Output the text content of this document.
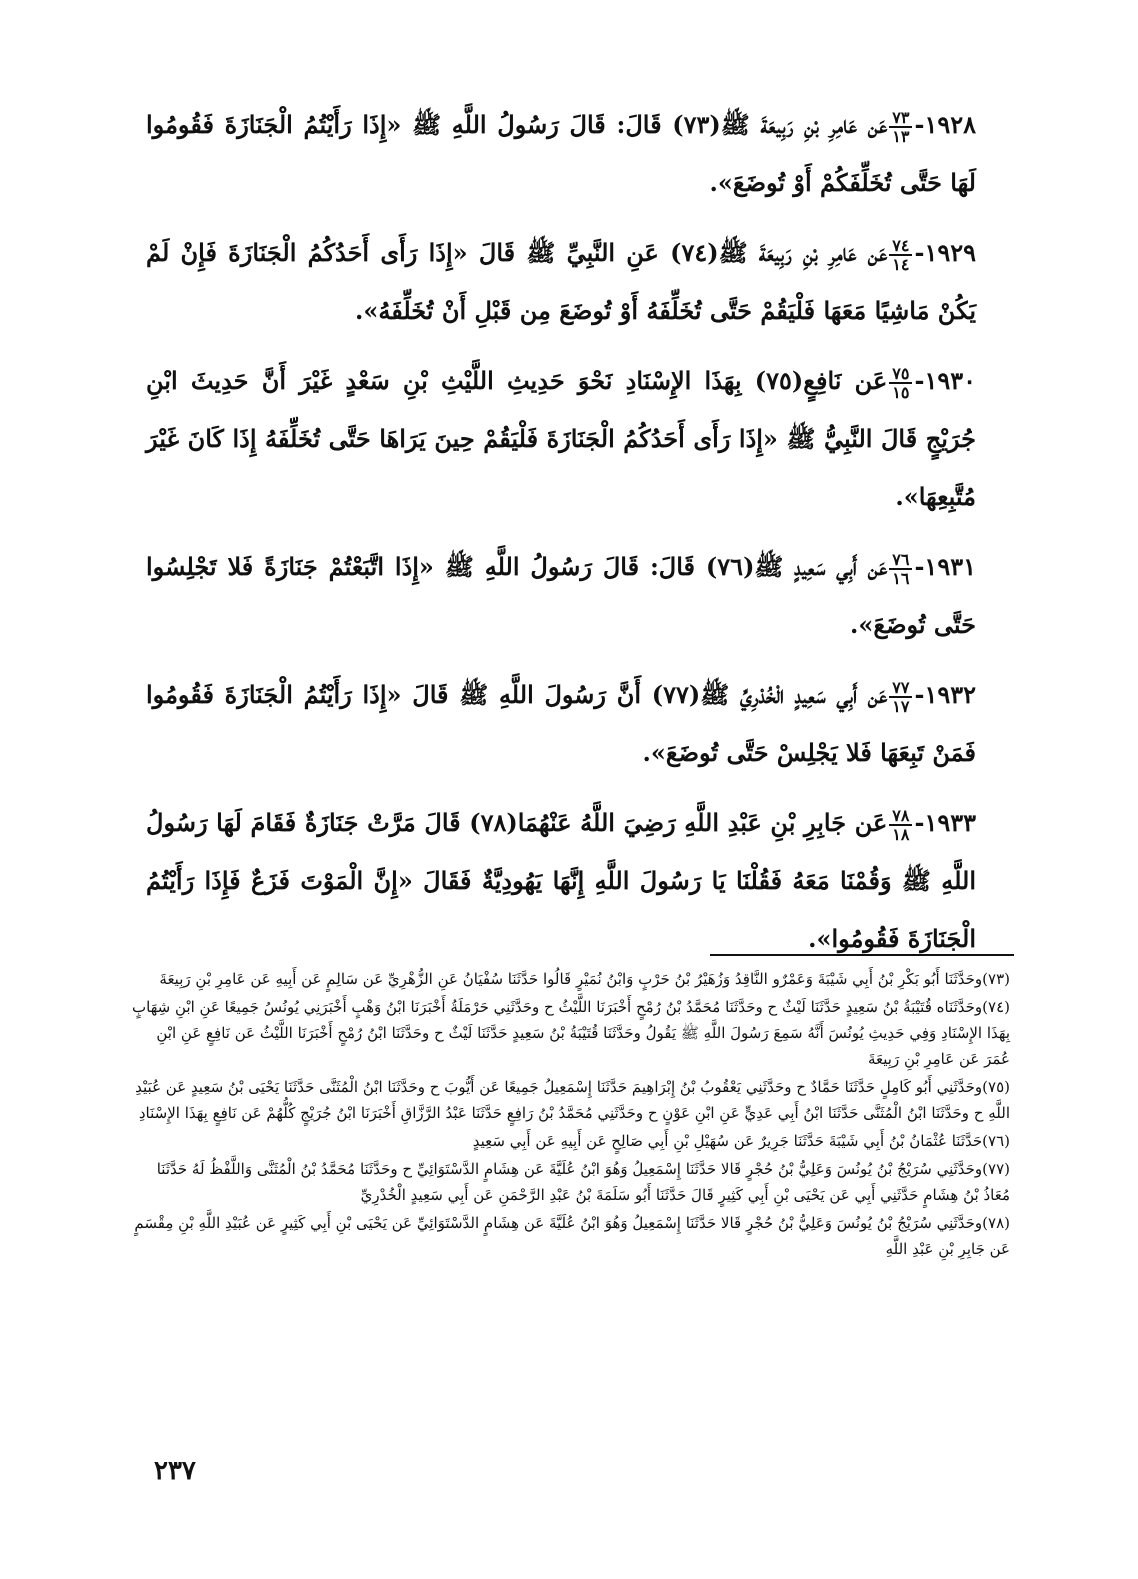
١٩٢٨-
$\frac{٧٣}{١٣}$
عَن عَامِرِ بْنِ رَبِيعَةَ ﷺ(٧٣) قَالَ: قَالَ رَسُولُ اللَّهِ ﷺ «إِذَا رَأَيْتُمُ الْجَنَازَةَ فَقُومُوا لَهَا حَتَّى تُخَلِّفَكُمْ أَوْ تُوضَعَ».

١٩٢٩-
$\frac{٧٤}{١٤}$
عَن عَامِرِ بْنِ رَبِيعَةَ ﷺ(٧٤) عَنِ النَّبِيِّ ﷺ قَالَ «إِذَا رَأَى أَحَدُكُمُ الْجَنَازَةَ فَإِنْ لَمْ يَكُنْ مَاشِيًا مَعَهَا فَلْيَقُمْ حَتَّى تُخَلِّفَهُ أَوْ تُوضَعَ مِن قَبْلِ أَنْ تُخَلِّفَهُ».

١٩٣٠-
$\frac{٧٥}{١٥}$
عَن نَافِعٍ(٧٥) بِهَذَا الإِسْنَادِ نَحْوَ حَدِيثِ اللَّيْثِ بْنِ سَعْدٍ غَيْرَ أَنَّ حَدِيثَ ابْنِ جُرَيْجٍ قَالَ النَّبِيُّ ﷺ «إِذَا رَأَى أَحَدُكُمُ الْجَنَازَةَ فَلْيَقُمْ حِينَ يَرَاهَا حَتَّى تُخَلِّفَهُ إِذَا كَانَ غَيْرَ مُتَّبِعِهَا».

١٩٣١-
$\frac{٧٦}{١٦}$
عَن أَبِي سَعِيدٍ ﷺ(٧٦) قَالَ: قَالَ رَسُولُ اللَّهِ ﷺ «إِذَا اتَّبَعْتُمْ جَنَازَةً فَلا تَجْلِسُوا حَتَّى تُوضَعَ».

١٩٣٢-
$\frac{٧٧}{١٧}$
عَن أَبِي سَعِيدٍ الْخُدْرِيِّ ﷺ(٧٧) أَنَّ رَسُولَ اللَّهِ ﷺ قَالَ «إِذَا رَأَيْتُمُ الْجَنَازَةَ فَقُومُوا فَمَنْ تَبِعَهَا فَلا يَجْلِسْ حَتَّى تُوضَعَ».

١٩٣٣-
$\frac{٧٨}{١٨}$
عَن جَابِرِ بْنِ عَبْدِ اللَّهِ رَضِيَ اللَّهُ عَنْهُمَا(٧٨) قَالَ مَرَّتْ جَنَازَةٌ فَقَامَ لَهَا رَسُولُ اللَّهِ ﷺ وَقُمْنَا مَعَهُ فَقُلْنَا يَا رَسُولَ اللَّهِ إِنَّهَا يَهُودِيَّةٌ فَقَالَ «إِنَّ الْمَوْتَ فَزَعٌ فَإِذَا رَأَيْتُمُ الْجَنَازَةَ فَقُومُوا».

(٧٣)وحَدَّثَنَا أَبُو بَكْرِ بْنُ أَبِي شَيْبَةَ وَعَمْرٌو النَّاقِدُ وَزُهَيْرُ بْنُ حَرْبٍ وَابْنُ نُمَيْرٍ قَالُوا حَدَّثَنَا سُفْيَانُ عَنِ الزُّهْرِيِّ عَن سَالِمٍ عَن أَبِيهِ عَن عَامِرِ بْنِ رَبِيعَةَ

(٧٤)وحَدَّثَنَاه قُتَيْبَةُ بْنُ سَعِيدٍ حَدَّثَنَا لَيْثٌ ح وحَدَّثَنَا مُحَمَّدُ بْنُ رُمْحٍ أَخْبَرَنَا اللَّيْثُ ح وحَدَّثَنِي حَرْمَلَةُ أَخْبَرَنَا ابْنُ وَهْبٍ أَخْبَرَنِي يُونُسُ جَمِيعًا عَنِ ابْنِ شِهَابٍ بِهَذَا الإِسْنَادِ وَفِي حَدِيثِ يُونُسَ أَنَّهُ سَمِعَ رَسُولَ اللَّهِ ﷺ يَقُولُ وحَدَّثَنَا قُتَيْبَةُ بْنُ سَعِيدٍ حَدَّثَنَا لَيْثٌ ح وحَدَّثَنَا ابْنُ رُمْحٍ أَخْبَرَنَا اللَّيْثُ عَن نَافِعٍ عَنِ ابْنِ عُمَرَ عَن عَامِرِ بْنِ رَبِيعَةَ

(٧٥)وحَدَّثَنِي أَبُو كَامِلٍ حَدَّثَنَا حَمَّادٌ ح وحَدَّثَنِي يَعْقُوبُ بْنُ إِبْرَاهِيمَ حَدَّثَنَا إِسْمَعِيلُ جَمِيعًا عَن أَيُّوبَ ح وحَدَّثَنَا ابْنُ الْمُثَنَّى حَدَّثَنَا يَحْيَى بْنُ سَعِيدٍ عَن عُبَيْدِ اللَّهِ ح وحَدَّثَنَا ابْنُ الْمُثَنَّى حَدَّثَنَا ابْنُ أَبِي عَدِيٍّ عَنِ ابْنِ عَوْنٍ ح وحَدَّثَنِي مُحَمَّدُ بْنُ رَافِعٍ حَدَّثَنَا عَبْدُ الرَّزَّاقِ أَخْبَرَنَا ابْنُ جُرَيْجٍ كُلُّهُمْ عَن نَافِعٍ بِهَذَا الإِسْنَادِ

(٧٦)حَدَّثَنَا عُثْمَانُ بْنُ أَبِي شَيْبَةَ حَدَّثَنَا جَرِيرٌ عَن سُهَيْلِ بْنِ أَبِي صَالِحٍ عَن أَبِيهِ عَن أَبِي سَعِيدٍ

(٧٧)وحَدَّثَنِي سُرَيْجُ بْنُ يُونُسَ وَعَلِيُّ بْنُ حُجْرٍ قَالا حَدَّثَنَا إِسْمَعِيلُ وَهُوَ ابْنُ عُلَيَّةَ عَن هِشَامٍ الدَّسْتَوَائِيِّ ح وحَدَّثَنَا مُحَمَّدُ بْنُ الْمُثَنَّى وَاللَّفْظُ لَهُ حَدَّثَنَا مُعَاذُ بْنُ هِشَامٍ حَدَّثَنِي أَبِي عَن يَحْيَى بْنِ أَبِي كَثِيرٍ قَالَ حَدَّثَنَا أَبُو سَلَمَةَ بْنُ عَبْدِ الرَّحْمَنِ عَن أَبِي سَعِيدٍ الْخُدْرِيِّ

(٧٨)وحَدَّثَنِي سُرَيْجُ بْنُ يُونُسَ وَعَلِيُّ بْنُ حُجْرٍ قَالا حَدَّثَنَا إِسْمَعِيلُ وَهُوَ ابْنُ عُلَيَّةَ عَن هِشَامٍ الدَّسْتَوَائِيِّ عَن يَحْيَى بْنِ أَبِي كَثِيرٍ عَن عُبَيْدِ اللَّهِ بْنِ مِقْسَمٍ عَن جَابِرِ بْنِ عَبْدِ اللَّهِ

٢٣٧
